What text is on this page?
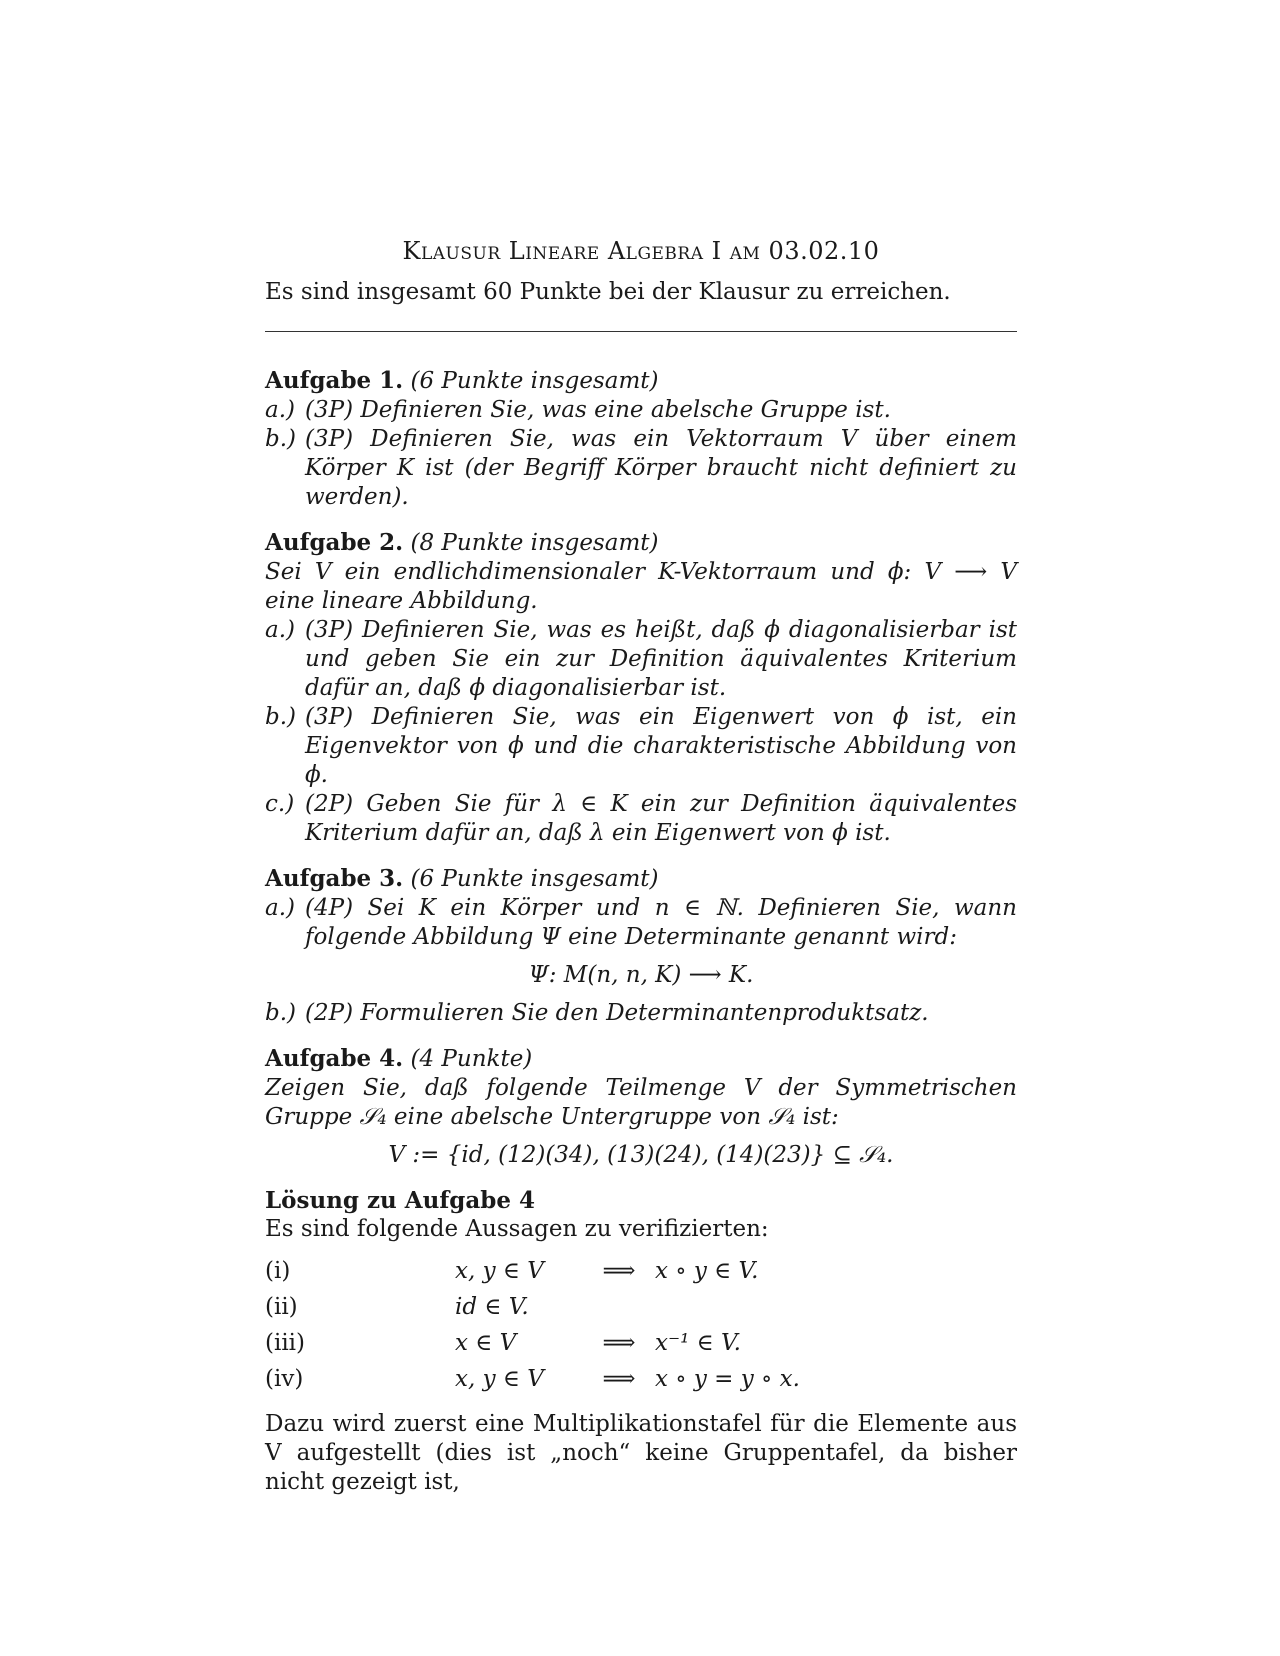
Klausur Lineare Algebra I am 03.02.10

Es sind insgesamt 60 Punkte bei der Klausur zu erreichen.

Aufgabe 1. (6 Punkte insgesamt)

a.) (3P) Definieren Sie, was eine abelsche Gruppe ist.
b.) (3P) Definieren Sie, was ein Vektorraum V über einem Körper K ist (der Begriff Körper braucht nicht definiert zu werden).

Aufgabe 2. (8 Punkte insgesamt)

Sei V ein endlichdimensionaler K-Vektorraum und ϕ: V ⟶ V eine lineare Abbildung.

a.) (3P) Definieren Sie, was es heißt, daß ϕ diagonalisierbar ist und geben Sie ein zur Definition äquivalentes Kriterium dafür an, daß ϕ diagonalisierbar ist.
b.) (3P) Definieren Sie, was ein Eigenwert von ϕ ist, ein Eigenvektor von ϕ und die charakteristische Abbildung von ϕ.
c.) (2P) Geben Sie für λ ∈ K ein zur Definition äquivalentes Kriterium dafür an, daß λ ein Eigenwert von ϕ ist.

Aufgabe 3. (6 Punkte insgesamt)

a.) (4P) Sei K ein Körper und n ∈ ℕ. Definieren Sie, wann folgende Abbildung Ψ eine Determinante genannt wird:

Ψ: M(n, n, K) ⟶ K.

b.) (2P) Formulieren Sie den Determinantenproduktsatz.

Aufgabe 4. (4 Punkte)

Zeigen Sie, daß folgende Teilmenge V der Symmetrischen Gruppe 𝒮₄ eine abelsche Untergruppe von 𝒮₄ ist:

V := {id, (12)(34), (13)(24), (14)(23)} ⊆ 𝒮₄.

Lösung zu Aufgabe 4

Es sind folgende Aussagen zu verifizierten:

(i)	x, y ∈ V	⟹	x ∘ y ∈ V.
(ii)	id ∈ V.		
(iii)	x ∈ V	⟹	x⁻¹ ∈ V.
(iv)	x, y ∈ V	⟹	x ∘ y = y ∘ x.

Dazu wird zuerst eine Multiplikationstafel für die Elemente aus V aufgestellt (dies ist „noch“ keine Gruppentafel, da bisher nicht gezeigt ist,
